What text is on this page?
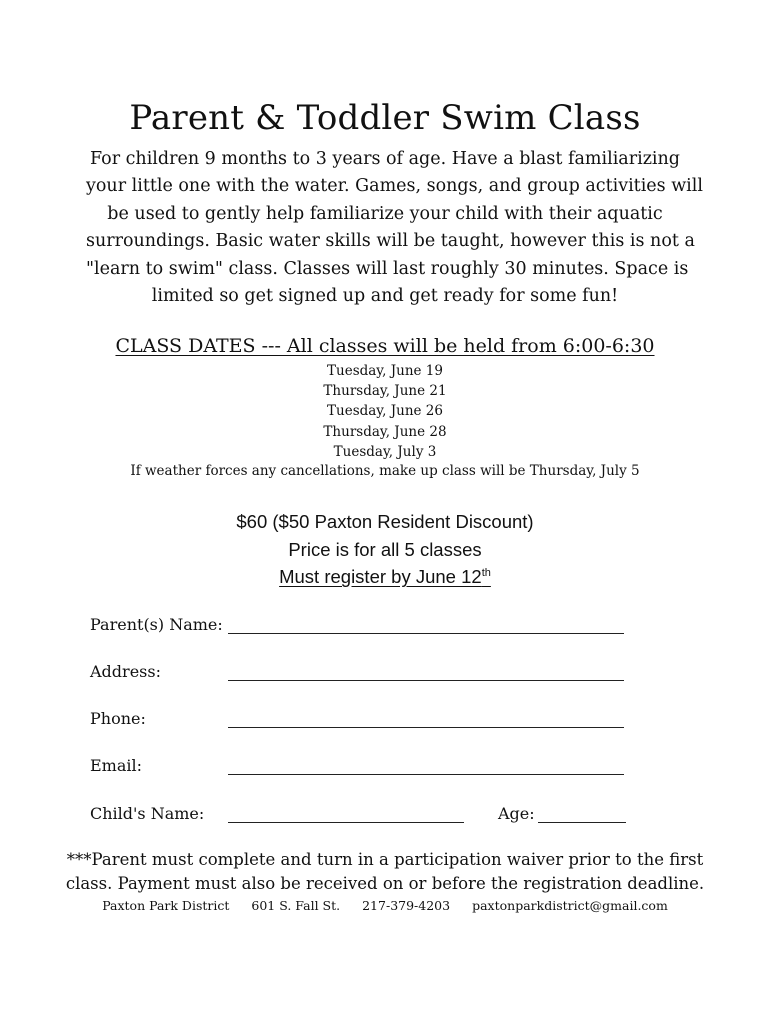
Parent & Toddler Swim Class
For children 9 months to 3 years of age. Have a blast familiarizing
your little one with the water. Games, songs, and group activities will
be used to gently help familiarize your child with their aquatic
surroundings. Basic water skills will be taught, however this is not a
"learn to swim" class. Classes will last roughly 30 minutes. Space is
limited so get signed up and get ready for some fun!
CLASS DATES --- All classes will be held from 6:00-6:30
Tuesday, June 19
Thursday, June 21
Tuesday, June 26
Thursday, June 28
Tuesday, July 3
If weather forces any cancellations, make up class will be Thursday, July 5
$60 ($50 Paxton Resident Discount)
Price is for all 5 classes
Must register by June 12th
Parent(s) Name:
Address:
Phone:
Email:
Child's Name:	Age:
***Parent must complete and turn in a participation waiver prior to the first
class. Payment must also be received on or before the registration deadline.
Paxton Park District 601 S. Fall St. 217-379-4203 paxtonparkdistrict@gmail.com
